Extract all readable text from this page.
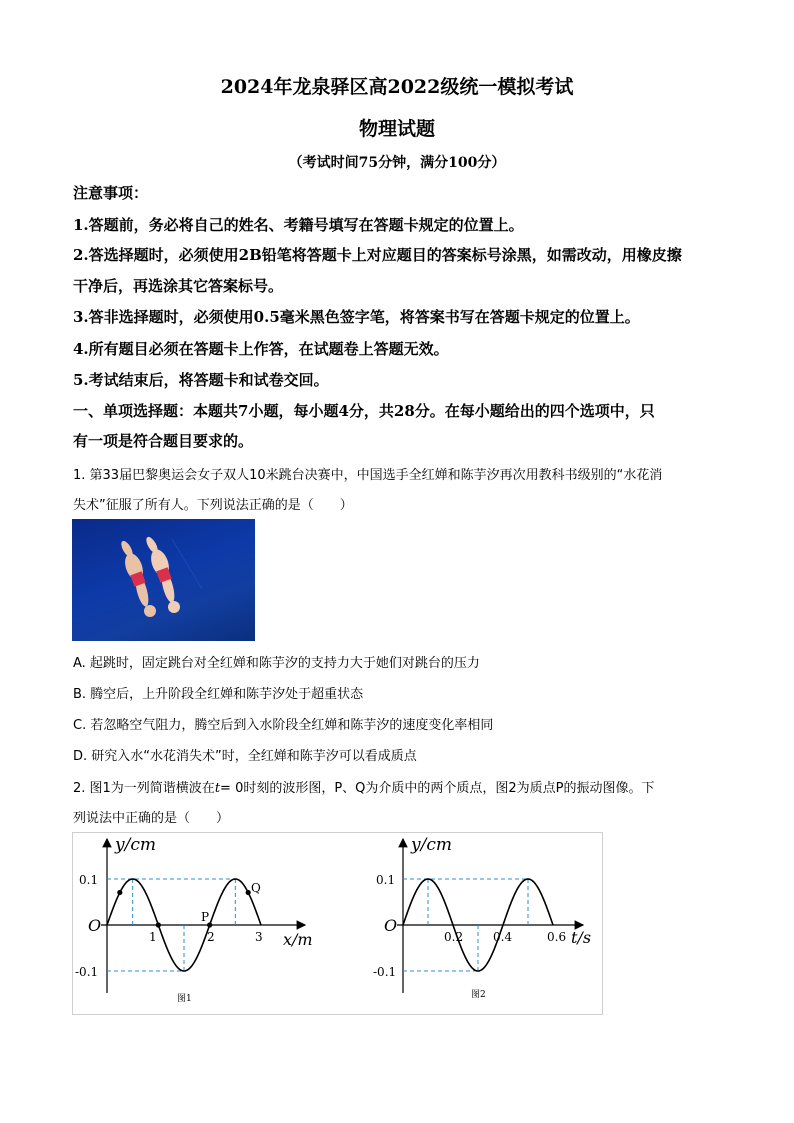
2024年龙泉驿区高2022级统一模拟考试
物理试题
（考试时间75分钟，满分100分）
注意事项：
1.答题前，务必将自己的姓名、考籍号填写在答题卡规定的位置上。
2.答选择题时，必须使用2B铅笔将答题卡上对应题目的答案标号涂黑，如需改动，用橡皮擦
干净后，再选涂其它答案标号。
3.答非选择题时，必须使用0.5毫米黑色签字笔，将答案书写在答题卡规定的位置上。
4.所有题目必须在答题卡上作答，在试题卷上答题无效。
5.考试结束后，将答题卡和试卷交回。
一、单项选择题：本题共7小题，每小题4分，共28分。在每小题给出的四个选项中，只
有一项是符合题目要求的。
1. 第33届巴黎奥运会女子双人10米跳台决赛中，中国选手全红婵和陈芋汐再次用教科书级别的“水花消
失术”征服了所有人。下列说法正确的是（　　）
A. 起跳时，固定跳台对全红婵和陈芋汐的支持力大于她们对跳台的压力
B. 腾空后，上升阶段全红婵和陈芋汐处于超重状态
C. 若忽略空气阻力，腾空后到入水阶段全红婵和陈芋汐的速度变化率相同
D. 研究入水“水花消失术”时，全红婵和陈芋汐可以看成质点
2. 图1为一列简谐横波在t= 0时刻的波形图，P、Q为介质中的两个质点，图2为质点P的振动图像。下
列说法中正确的是（　　）
y/cm
x/m
O
0.1
-0.1
1	2	3
P
Q
图1
y/cm
t/s
O
0.1
-0.1
0.2 0.4	0.6
图2
